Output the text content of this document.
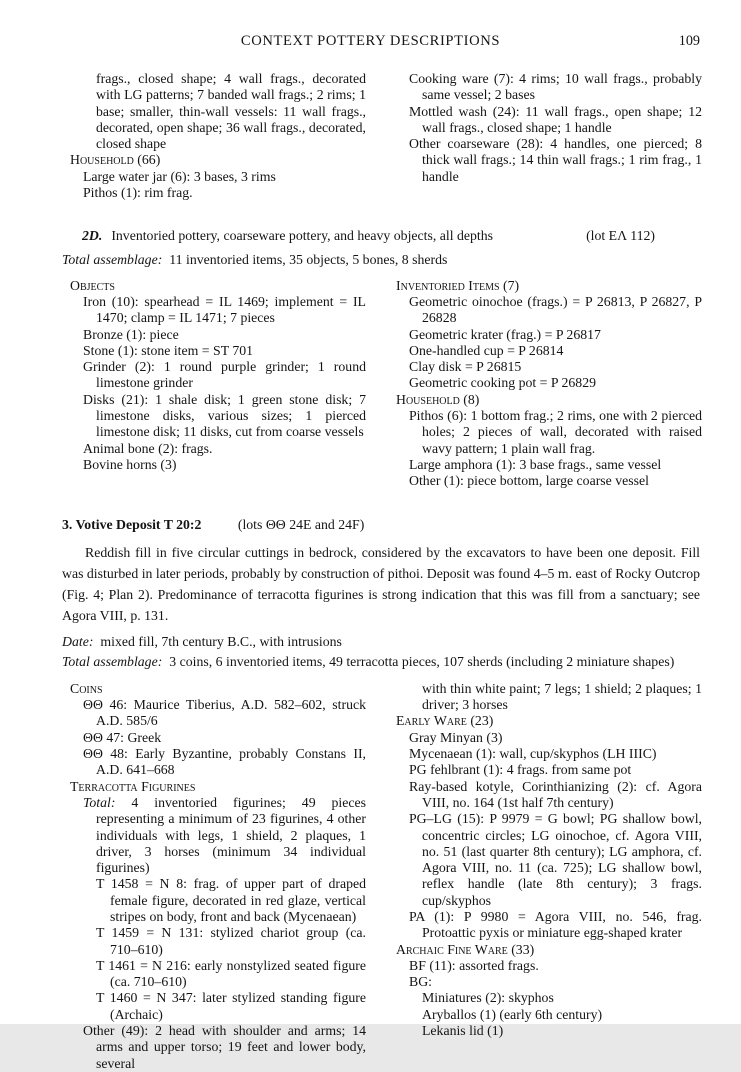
CONTEXT POTTERY DESCRIPTIONS	109
frags., closed shape; 4 wall frags., decorated with LG patterns; 7 banded wall frags.; 2 rims; 1 base; smaller, thin-wall vessels: 11 wall frags., decorated, open shape; 36 wall frags., decorated, closed shape
Household (66)
Large water jar (6): 3 bases, 3 rims
Pithos (1): rim frag.
Cooking ware (7): 4 rims; 10 wall frags., probably same vessel; 2 bases
Mottled wash (24): 11 wall frags., open shape; 12 wall frags., closed shape; 1 handle
Other coarseware (28): 4 handles, one pierced; 8 thick wall frags.; 14 thin wall frags.; 1 rim frag., 1 handle
2D. Inventoried pottery, coarseware pottery, and heavy objects, all depths	(lot ΕΛ 112)
Total assemblage: 11 inventoried items, 35 objects, 5 bones, 8 sherds
Objects
Iron (10): spearhead = IL 1469; implement = IL 1470; clamp = IL 1471; 7 pieces
Bronze (1): piece
Stone (1): stone item = ST 701
Grinder (2): 1 round purple grinder; 1 round limestone grinder
Disks (21): 1 shale disk; 1 green stone disk; 7 limestone disks, various sizes; 1 pierced limestone disk; 11 disks, cut from coarse vessels
Animal bone (2): frags.
Bovine horns (3)
Inventoried Items (7)
Geometric oinochoe (frags.) = P 26813, P 26827, P 26828
Geometric krater (frag.) = P 26817
One-handled cup = P 26814
Clay disk = P 26815
Geometric cooking pot = P 26829
Household (8)
Pithos (6): 1 bottom frag.; 2 rims, one with 2 pierced holes; 2 pieces of wall, decorated with raised wavy pattern; 1 plain wall frag.
Large amphora (1): 3 base frags., same vessel
Other (1): piece bottom, large coarse vessel
3. Votive Deposit T 20:2	(lots ΘΘ 24E and 24F)
Reddish fill in five circular cuttings in bedrock, considered by the excavators to have been one deposit. Fill was disturbed in later periods, probably by construction of pithoi. Deposit was found 4–5 m. east of Rocky Outcrop (Fig. 4; Plan 2). Predominance of terracotta figurines is strong indication that this was fill from a sanctuary; see Agora VIII, p. 131.
Date: mixed fill, 7th century B.C., with intrusions
Total assemblage: 3 coins, 6 inventoried items, 49 terracotta pieces, 107 sherds (including 2 miniature shapes)
Coins
ΘΘ 46: Maurice Tiberius, A.D. 582–602, struck A.D. 585/6
ΘΘ 47: Greek
ΘΘ 48: Early Byzantine, probably Constans II, A.D. 641–668
Terracotta Figurines
Total: 4 inventoried figurines; 49 pieces representing a minimum of 23 figurines, 4 other individuals with legs, 1 shield, 2 plaques, 1 driver, 3 horses (minimum 34 individual figurines)
T 1458 = N 8: frag. of upper part of draped female figure, decorated in red glaze, vertical stripes on body, front and back (Mycenaean)
T 1459 = N 131: stylized chariot group (ca. 710–610)
T 1461 = N 216: early nonstylized seated figure (ca. 710–610)
T 1460 = N 347: later stylized standing figure (Archaic)
Other (49): 2 head with shoulder and arms; 14 arms and upper torso; 19 feet and lower body, several
with thin white paint; 7 legs; 1 shield; 2 plaques; 1 driver; 3 horses
Early Ware (23)
Gray Minyan (3)
Mycenaean (1): wall, cup/skyphos (LH IIIC)
PG fehlbrant (1): 4 frags. from same pot
Ray-based kotyle, Corinthianizing (2): cf. Agora VIII, no. 164 (1st half 7th century)
PG–LG (15): P 9979 = G bowl; PG shallow bowl, concentric circles; LG oinochoe, cf. Agora VIII, no. 51 (last quarter 8th century); LG amphora, cf. Agora VIII, no. 11 (ca. 725); LG shallow bowl, reflex handle (late 8th century); 3 frags. cup/skyphos
PA (1): P 9980 = Agora VIII, no. 546, frag. Protoattic pyxis or miniature egg-shaped krater
Archaic Fine Ware (33)
BF (11): assorted frags.
BG:
Miniatures (2): skyphos
Aryballos (1) (early 6th century)
Lekanis lid (1)
